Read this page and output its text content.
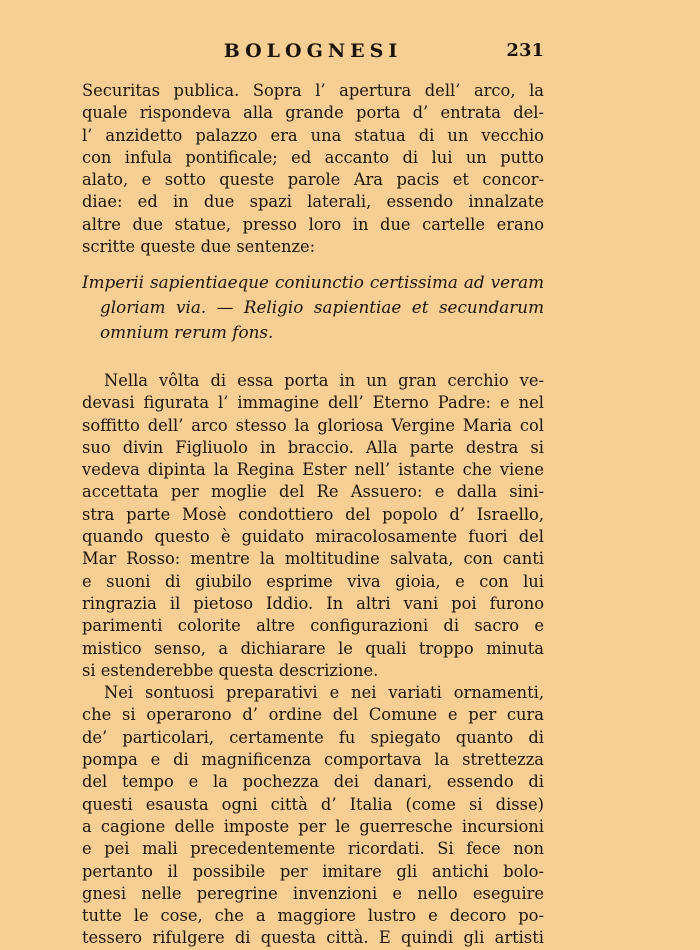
BOLOGNESI	231
Securitas publica. Sopra l’ apertura dell’ arco, la
quale rispondeva alla grande porta d’ entrata del-
l’ anzidetto palazzo era una statua di un vecchio
con infula pontificale; ed accanto di lui un putto
alato, e sotto queste parole Ara pacis et concor-
diae: ed in due spazi laterali, essendo innalzate
altre due statue, presso loro in due cartelle erano
scritte queste due sentenze:
Imperii sapientiaeque coniunctio certissima ad veram
gloriam via. — Religio sapientiae et secundarum
omnium rerum fons.
Nella vôlta di essa porta in un gran cerchio ve-
devasi figurata l’ immagine dell’ Eterno Padre: e nel
soffitto dell’ arco stesso la gloriosa Vergine Maria col
suo divin Figliuolo in braccio. Alla parte destra si
vedeva dipinta la Regina Ester nell’ istante che viene
accettata per moglie del Re Assuero: e dalla sini-
stra parte Mosè condottiero del popolo d’ Israello,
quando questo è guidato miracolosamente fuori del
Mar Rosso: mentre la moltitudine salvata, con canti
e suoni di giubilo esprime viva gioia, e con lui
ringrazia il pietoso Iddio. In altri vani poi furono
parimenti colorite altre configurazioni di sacro e
mistico senso, a dichiarare le quali troppo minuta
si estenderebbe questa descrizione.
Nei sontuosi preparativi e nei variati ornamenti,
che si operarono d’ ordine del Comune e per cura
de’ particolari, certamente fu spiegato quanto di
pompa e di magnificenza comportava la strettezza
del tempo e la pochezza dei danari, essendo di
questi esausta ogni città d’ Italia (come si disse)
a cagione delle imposte per le guerresche incursioni
e pei mali precedentemente ricordati. Si fece non
pertanto il possibile per imitare gli antichi bolo-
gnesi nelle peregrine invenzioni e nello eseguire
tutte le cose, che a maggiore lustro e decoro po-
tessero rifulgere di questa città. E quindi gli artisti
